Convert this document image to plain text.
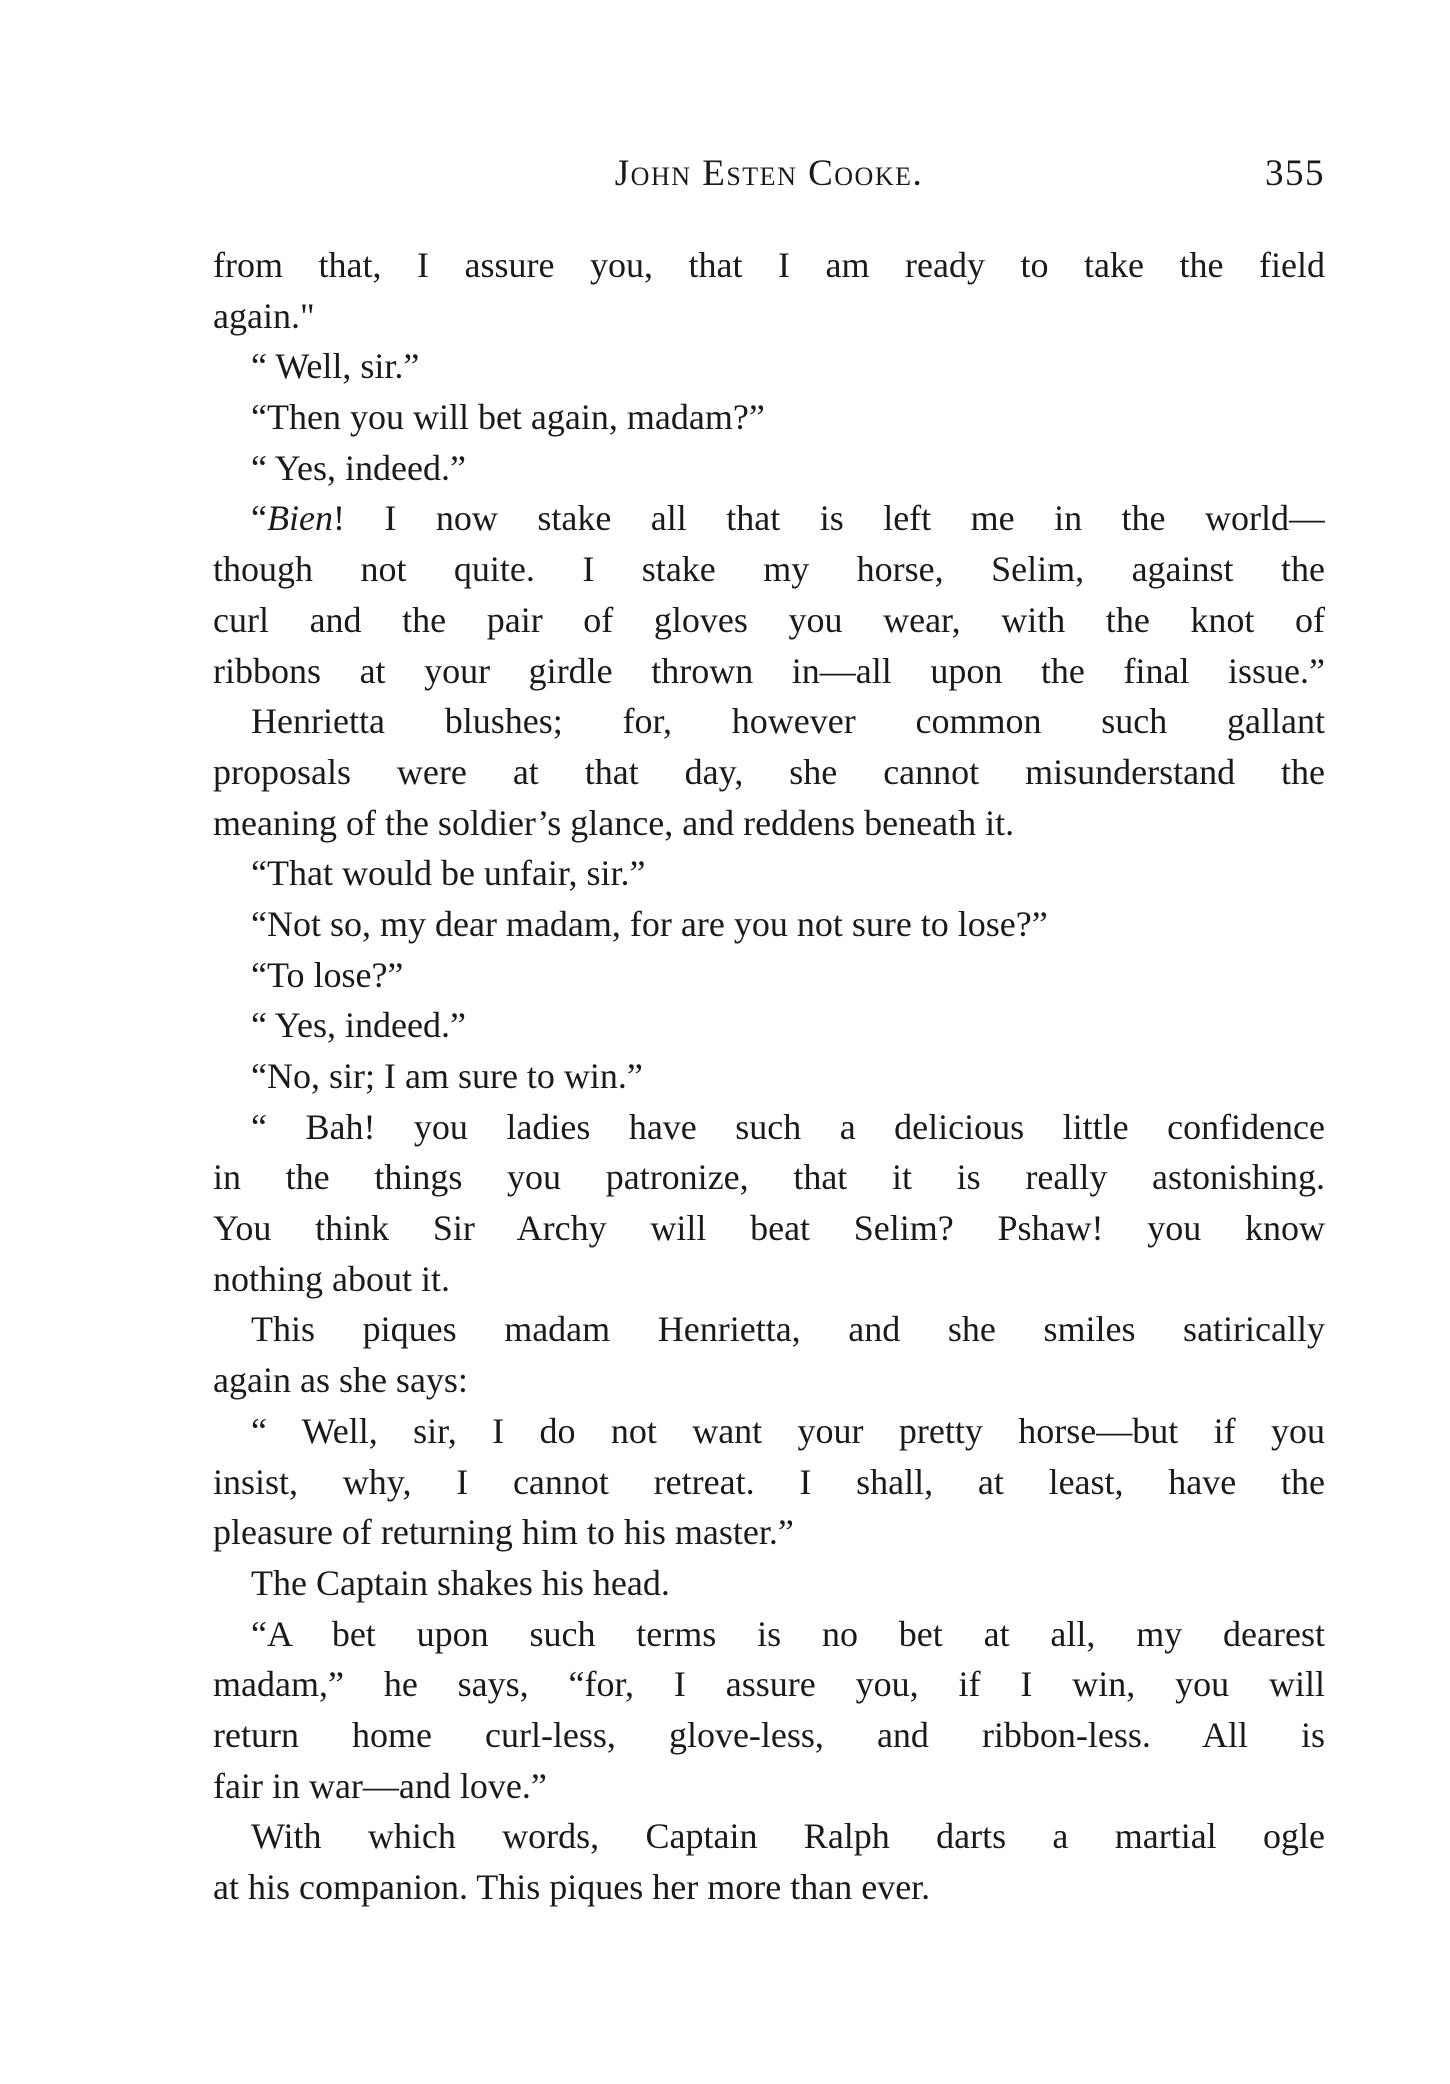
John Esten Cooke.	355
from that, I assure you, that I am ready to take the field
again."
“ Well, sir.”
“Then you will bet again, madam?”
“ Yes, indeed.”
“Bien! I now stake all that is left me in the world—
though not quite. I stake my horse, Selim, against the
curl and the pair of gloves you wear, with the knot of
ribbons at your girdle thrown in—all upon the final issue.”
Henrietta blushes; for, however common such gallant
proposals were at that day, she cannot misunderstand the
meaning of the soldier’s glance, and reddens beneath it.
“That would be unfair, sir.”
“Not so, my dear madam, for are you not sure to lose?”
“To lose?”
“ Yes, indeed.”
“No, sir; I am sure to win.”
“ Bah! you ladies have such a delicious little confidence
in the things you patronize, that it is really astonishing.
You think Sir Archy will beat Selim? Pshaw! you know
nothing about it.
This piques madam Henrietta, and she smiles satirically
again as she says:
“ Well, sir, I do not want your pretty horse—but if you
insist, why, I cannot retreat. I shall, at least, have the
pleasure of returning him to his master.”
The Captain shakes his head.
“A bet upon such terms is no bet at all, my dearest
madam,” he says, “for, I assure you, if I win, you will
return home curl-less, glove-less, and ribbon-less. All is
fair in war—and love.”
With which words, Captain Ralph darts a martial ogle
at his companion. This piques her more than ever.
